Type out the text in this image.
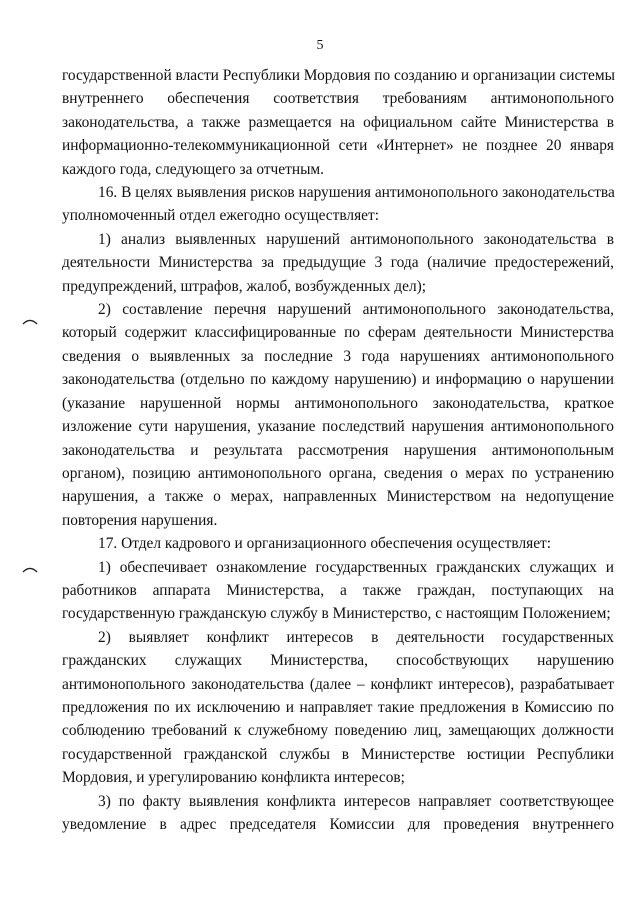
5
государственной власти Республики Мордовия по созданию и организации системы
внутреннего обеспечения соответствия требованиям антимонопольного
законодательства, а также размещается на официальном сайте Министерства в
информационно-телекоммуникационной сети «Интернет» не позднее 20 января
каждого года, следующего за отчетным.
16. В целях выявления рисков нарушения антимонопольного законодательства
уполномоченный отдел ежегодно осуществляет:
1) анализ выявленных нарушений антимонопольного законодательства в
деятельности Министерства за предыдущие 3 года (наличие предостережений,
предупреждений, штрафов, жалоб, возбужденных дел);
2) составление перечня нарушений антимонопольного законодательства,
который содержит классифицированные по сферам деятельности Министерства
сведения о выявленных за последние 3 года нарушениях антимонопольного
законодательства (отдельно по каждому нарушению) и информацию о нарушении
(указание нарушенной нормы антимонопольного законодательства, краткое
изложение сути нарушения, указание последствий нарушения антимонопольного
законодательства и результата рассмотрения нарушения антимонопольным
органом), позицию антимонопольного органа, сведения о мерах по устранению
нарушения, а также о мерах, направленных Министерством на недопущение
повторения нарушения.
17. Отдел кадрового и организационного обеспечения осуществляет:
1) обеспечивает ознакомление государственных гражданских служащих и
работников аппарата Министерства, а также граждан, поступающих на
государственную гражданскую службу в Министерство, с настоящим Положением;
2) выявляет конфликт интересов в деятельности государственных
гражданских служащих Министерства, способствующих нарушению
антимонопольного законодательства (далее – конфликт интересов), разрабатывает
предложения по их исключению и направляет такие предложения в Комиссию по
соблюдению требований к служебному поведению лиц, замещающих должности
государственной гражданской службы в Министерстве юстиции Республики
Мордовия, и урегулированию конфликта интересов;
3) по факту выявления конфликта интересов направляет соответствующее
уведомление в адрес председателя Комиссии для проведения внутреннего
